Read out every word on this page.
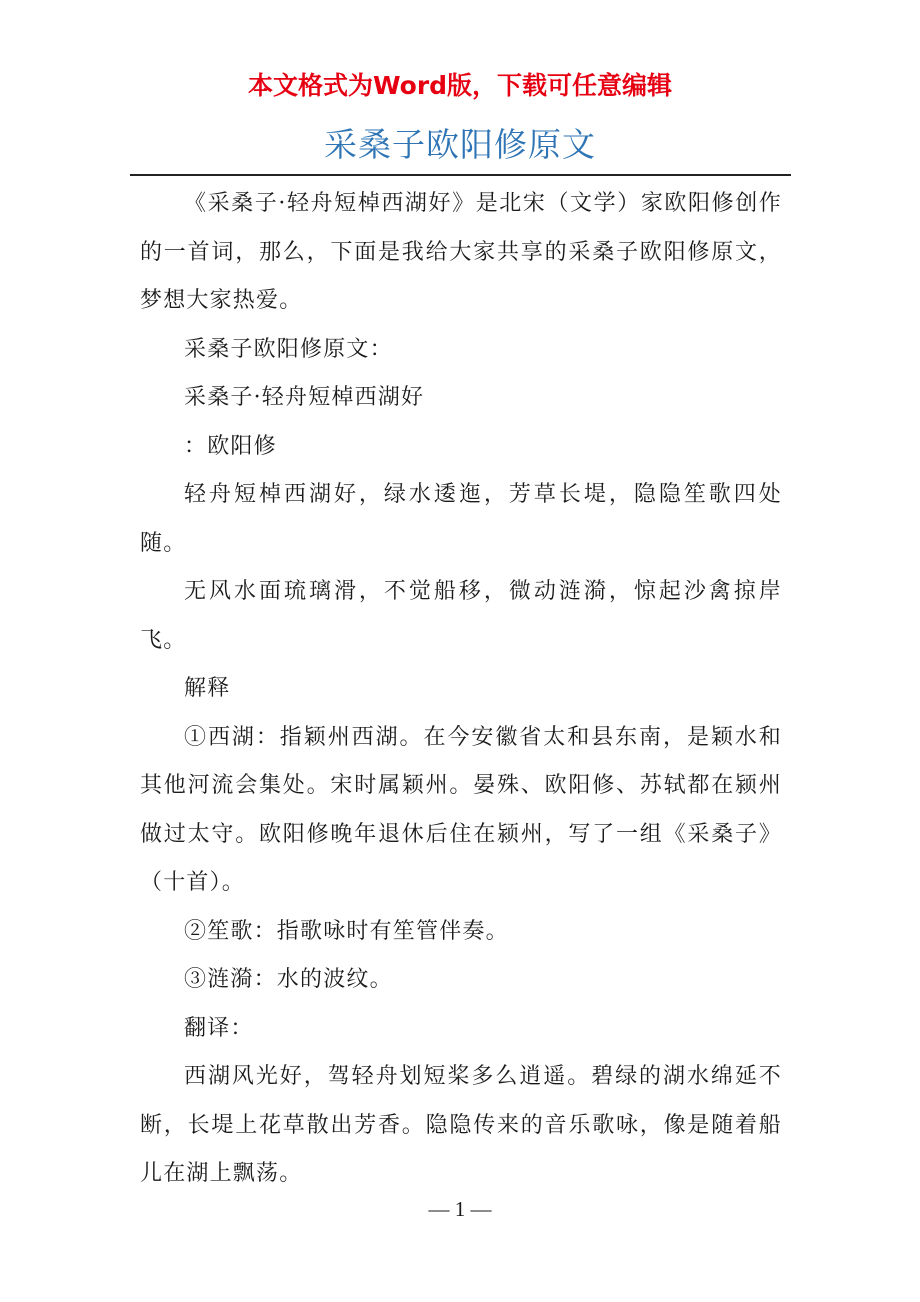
本文格式为Word版，下载可任意编辑
采桑子欧阳修原文

《采桑子·轻舟短棹西湖好》是北宋（文学）家欧阳修创作的一首词，那么，下面是我给大家共享的采桑子欧阳修原文，梦想大家热爱。

采桑子欧阳修原文：

采桑子·轻舟短棹西湖好

：欧阳修

轻舟短棹西湖好，绿水逶迤，芳草长堤，隐隐笙歌四处随。

无风水面琉璃滑，不觉船移，微动涟漪，惊起沙禽掠岸飞。

解释

①西湖：指颖州西湖。在今安徽省太和县东南，是颖水和其他河流会集处。宋时属颖州。晏殊、欧阳修、苏轼都在颍州做过太守。欧阳修晚年退休后住在颍州，写了一组《采桑子》（十首）。

②笙歌：指歌咏时有笙管伴奏。

③涟漪：水的波纹。

翻译：

西湖风光好，驾轻舟划短桨多么逍遥。碧绿的湖水绵延不断，长堤上花草散出芳香。隐隐传来的音乐歌咏，像是随着船儿在湖上飘荡。

— 1 —
